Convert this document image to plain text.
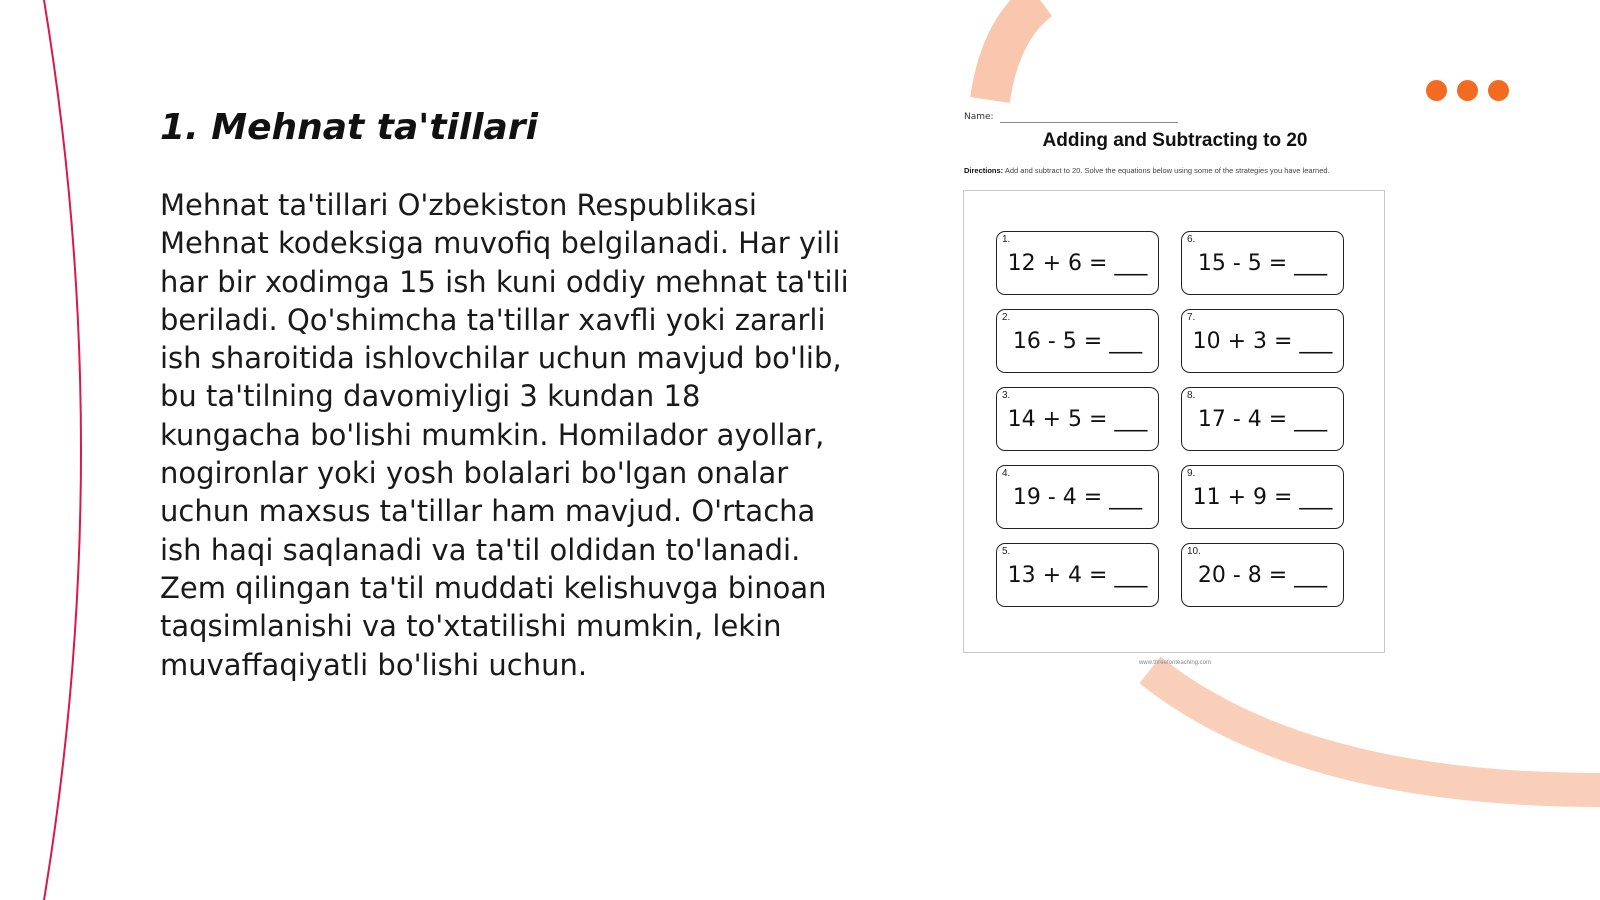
1. Mehnat ta'tillari

Mehnat ta'tillari O'zbekiston Respublikasi Mehnat kodeksiga muvofiq belgilanadi. Har yili har bir xodimga 15 ish kuni oddiy mehnat ta'tili beriladi. Qo'shimcha ta'tillar xavfli yoki zararli ish sharoitida ishlovchilar uchun mavjud bo'lib, bu ta'tilning davomiyligi 3 kundan 18 kungacha bo'lishi mumkin. Homilador ayollar, nogironlar yoki yosh bolalari bo'lgan onalar uchun maxsus ta'tillar ham mavjud. O'rtacha ish haqi saqlanadi va ta'til oldidan to'lanadi. Zem qilingan ta'til muddati kelishuvga binoan taqsimlanishi va to'xtatilishi mumkin, lekin muvaffaqiyatli bo'lishi uchun.

Name:
Adding and Subtracting to 20
Directions: Add and subtract to 20. Solve the equations below using some of the strategies you have learned.
1.
12 + 6 = ___
2.
16 - 5 = ___
3.
14 + 5 = ___
4.
19 - 4 = ___
5.
13 + 4 = ___
6.
15 - 5 = ___
7.
10 + 3 = ___
8.
17 - 4 = ___
9.
11 + 9 = ___
10.
20 - 8 = ___
www.threefonteaching.com
